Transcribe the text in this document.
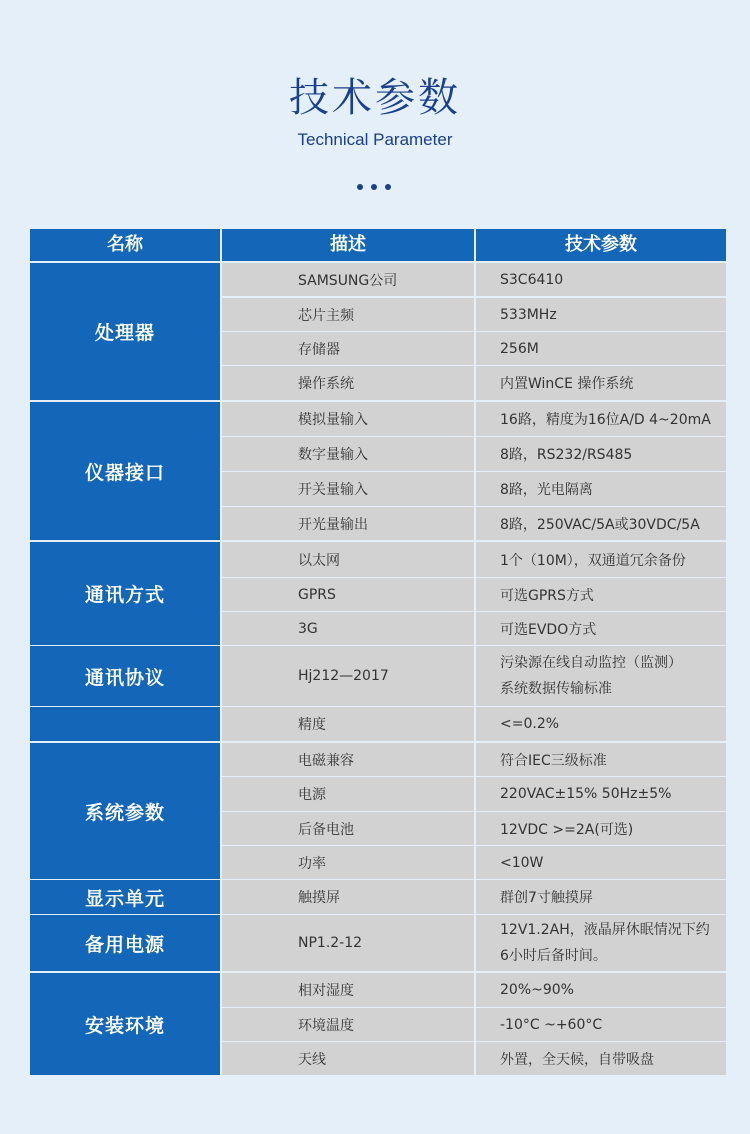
技术参数
Technical Parameter
名称	描述	技术参数
处理器
SAMSUNG公司	S3C6410
芯片主频	533MHz
存储器	256M
操作系统	内置WinCE 操作系统
仪器接口
模拟量输入	16路，精度为16位A/D 4~20mA
数字量输入	8路，RS232/RS485
开关量输入	8路，光电隔离
开光量输出	8路，250VAC/5A或30VDC/5A
通讯方式
以太网	1个（10M），双通道冗余备份
GPRS	可选GPRS方式
3G	可选EVDO方式
通讯协议	Hj212—2017
污染源在线自动监控（监测）
系统数据传输标准
精度	<=0.2%
系统参数
电磁兼容	符合IEC三级标准
电源	220VAC±15% 50Hz±5%
后备电池	12VDC >=2A(可选)
功率	<10W
显示单元	触摸屏	群创7寸触摸屏
备用电源	NP1.2-12
12V1.2AH，液晶屏休眠情况下约
6小时后备时间。
安装环境
相对湿度	20%~90%
环境温度	-10°C ~+60°C
天线	外置，全天候，自带吸盘
